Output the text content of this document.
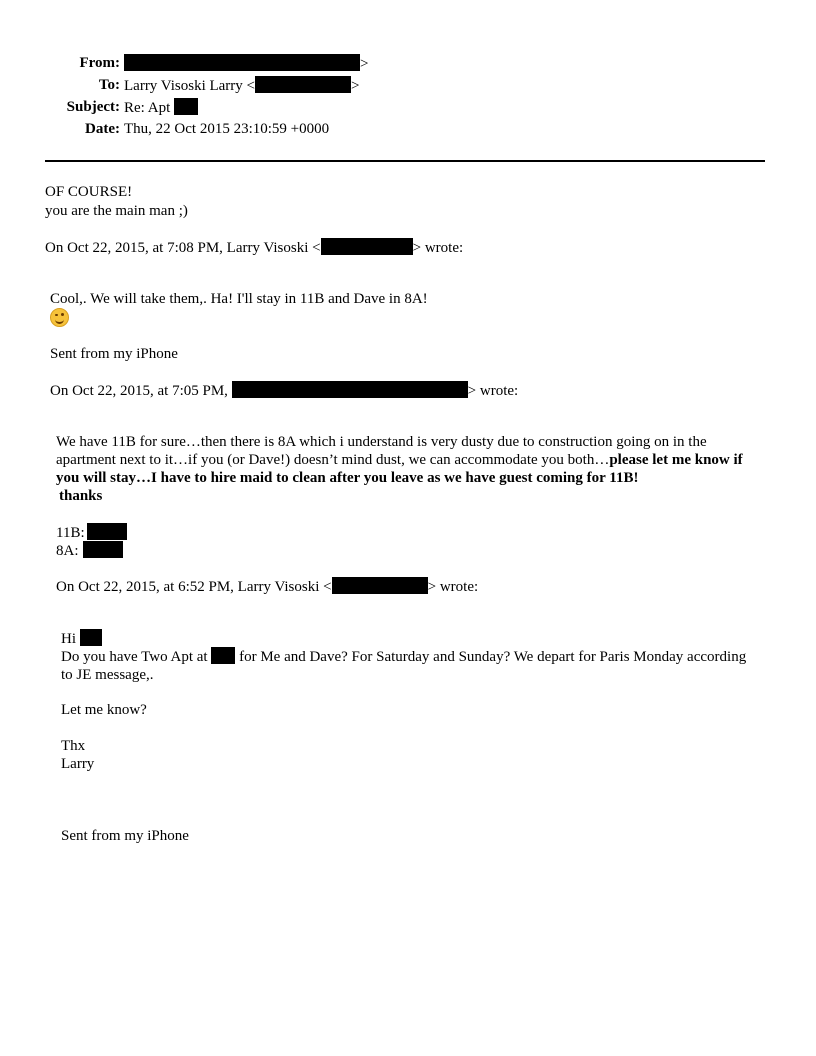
From:	>
To: Larry Visoski Larry <	>
Subject: Re: Apt
Date: Thu, 22 Oct 2015 23:10:59 +0000
OF COURSE!
you are the main man ;)
On Oct 22, 2015, at 7:08 PM, Larry Visoski <	> wrote:
Cool,. We will take them,. Ha! I'll stay in 11B and Dave in 8A!
Sent from my iPhone
On Oct 22, 2015, at 7:05 PM,	> wrote:
We have 11B for sure…then there is 8A which i understand is very dusty due to construction going on in the apartment next to it…if you (or Dave!) doesn’t mind dust, we can accommodate you both…please let me know if you will stay…I have to hire maid to clean after you leave as we have guest coming for 11B!
thanks
11B:
8A:
On Oct 22, 2015, at 6:52 PM, Larry Visoski <	> wrote:
Hi
Do you have Two Apt at for Me and Dave? For Saturday and Sunday? We depart for Paris Monday according to JE message,.
Let me know?
Thx
Larry
Sent from my iPhone
